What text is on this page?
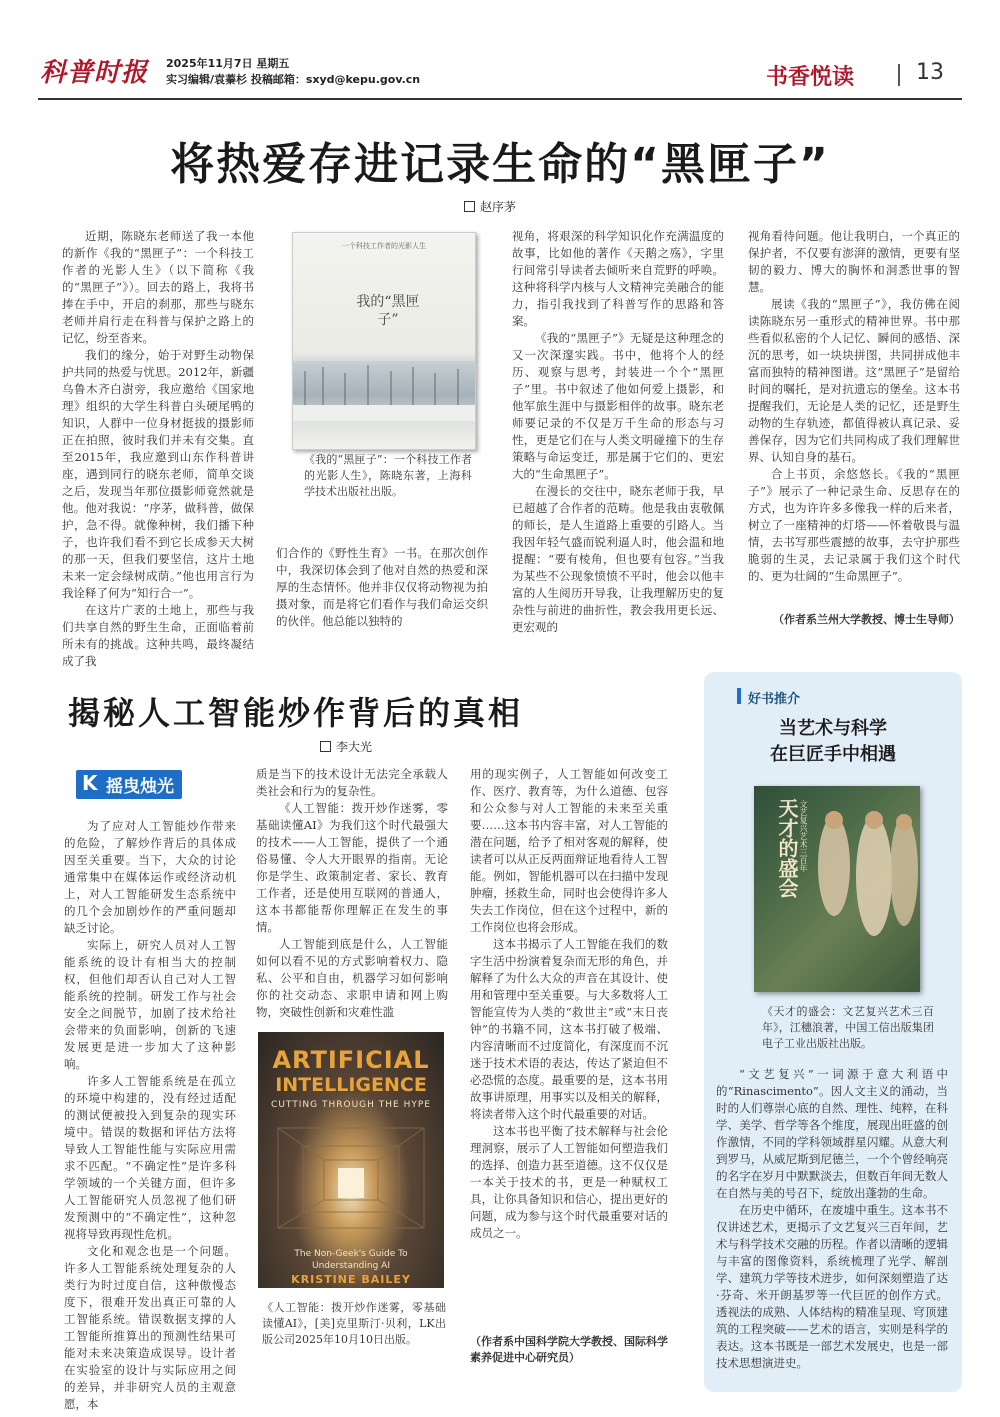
科普时报 2025年11月7日 星期五
实习编辑/袁蓁杉 投稿邮箱：sxyd@kepu.gov.cn	书香悦读	13
将热爱存进记录生命的“黑匣子”
赵序茅

近期，陈晓东老师送了我一本他的新作《我的“黑匣子”：一个科技工作者的光影人生》（以下简称《我的“黑匣子”》）。回去的路上，我将书捧在手中，开启的刹那，那些与晓东老师并肩行走在科普与保护之路上的记忆，纷至沓来。

我们的缘分，始于对野生动物保护共同的热爱与忧思。2012年，新疆乌鲁木齐白澍旁，我应邀给《国家地理》组织的大学生科普白头硬尾鸭的知识，人群中一位身材挺拔的摄影师正在拍照，彼时我们并未有交集。直至2015年，我应邀到山东作科普讲座，遇到同行的晓东老师，简单交谈之后，发现当年那位摄影师竟然就是他。他对我说：“序茅，做科普，做保护，急不得。就像种树，我们播下种子，也许我们看不到它长成参天大树的那一天，但我们要坚信，这片土地未来一定会绿树成荫。”他也用言行为我诠释了何为“知行合一”。

在这片广袤的土地上，那些与我们共享自然的野生生命，正面临着前所未有的挑战。这种共鸣，最终凝结成了我

一个科技工作者的光影人生
我的“黑匣子”
《我的“黑匣子”：一个科技工作者的光影人生》，陈晓东著，上海科学技术出版社出版。

们合作的《野性生育》一书。在那次创作中，我深切体会到了他对自然的热爱和深厚的生态情怀。他并非仅仅将动物视为拍摄对象，而是将它们看作与我们命运交织的伙伴。他总能以独特的

视角，将艰深的科学知识化作充满温度的故事，比如他的著作《天鹅之殇》，字里行间常引导读者去倾听来自荒野的呼唤。这种将科学内核与人文精神完美融合的能力，指引我找到了科普写作的思路和答案。

《我的“黑匣子”》无疑是这种理念的又一次深邃实践。书中，他将个人的经历、观察与思考，封装进一个个“黑匣子”里。书中叙述了他如何爱上摄影，和他军旅生涯中与摄影相伴的故事。晓东老师要记录的不仅是万千生命的形态与习性，更是它们在与人类文明碰撞下的生存策略与命运变迁，那是属于它们的、更宏大的“生命黑匣子”。

在漫长的交往中，晓东老师于我，早已超越了合作者的范畴。他是我由衷敬佩的师长，是人生道路上重要的引路人。当我因年轻气盛而锐利逼人时，他会温和地提醒：“要有棱角，但也要有包容。”当我为某些不公现象愤愤不平时，他会以他丰富的人生阅历开导我，让我理解历史的复杂性与前进的曲折性，教会我用更长远、更宏观的

视角看待问题。他让我明白，一个真正的保护者，不仅要有澎湃的激情，更要有坚韧的毅力、博大的胸怀和洞悉世事的智慧。

展读《我的“黑匣子”》，我仿佛在阅读陈晓东另一重形式的精神世界。书中那些看似私密的个人记忆、瞬间的感悟、深沉的思考，如一块块拼图，共同拼成他丰富而独特的精神图谱。这“黑匣子”是留给时间的嘱托，是对抗遗忘的堡垒。这本书提醒我们，无论是人类的记忆，还是野生动物的生存轨迹，都值得被认真记录、妥善保存，因为它们共同构成了我们理解世界、认知自身的基石。

合上书页，余悠悠长。《我的“黑匣子”》展示了一种记录生命、反思存在的方式，也为许许多多像我一样的后来者，树立了一座精神的灯塔——怀着敬畏与温情，去书写那些震撼的故事，去守护那些脆弱的生灵，去记录属于我们这个时代的、更为壮阔的“生命黑匣子”。

（作者系兰州大学教授、博士生导师）
揭秘人工智能炒作背后的真相
李大光
K 摇曳烛光

为了应对人工智能炒作带来的危险，了解炒作背后的具体成因至关重要。当下，大众的讨论通常集中在媒体运作或经济动机上，对人工智能研发生态系统中的几个会加剧炒作的严重问题却缺乏讨论。

实际上，研究人员对人工智能系统的设计有相当大的控制权，但他们却否认自己对人工智能系统的控制。研发工作与社会安全之间脱节，加剧了技术给社会带来的负面影响，创新的飞速发展更是进一步加大了这种影响。

许多人工智能系统是在孤立的环境中构建的，没有经过适配的测试便被投入到复杂的现实环境中。错误的数据和评估方法将导致人工智能性能与实际应用需求不匹配。“不确定性”是许多科学领域的一个关键方面，但许多人工智能研究人员忽视了他们研发预测中的“不确定性”，这种忽视将导致再现性危机。

文化和观念也是一个问题。许多人工智能系统处理复杂的人类行为时过度自信，这种傲慢态度下，很难开发出真正可靠的人工智能系统。错误数据支撑的人工智能所推算出的预测性结果可能对未来决策造成误导。设计者在实验室的设计与实际应用之间的差异，并非研究人员的主观意愿，本

质是当下的技术设计无法完全承载人类社会和行为的复杂性。

《人工智能：拨开炒作迷雾，零基础读懂AI》为我们这个时代最强大的技术——人工智能，提供了一个通俗易懂、令人大开眼界的指南。无论你是学生、政策制定者、家长、教育工作者，还是使用互联网的普通人，这本书都能帮你理解正在发生的事情。

人工智能到底是什么，人工智能如何以看不见的方式影响着权力、隐私、公平和自由，机器学习如何影响你的社交动态、求职申请和网上购物，突破性创新和灾难性滥

ARTIFICIAL
INTELLIGENCE
CUTTING THROUGH THE HYPE
The Non-Geek's Guide To
Understanding AI
KRISTINE BAILEY
《人工智能：拨开炒作迷雾，零基础读懂AI》，[美]克里斯汀·贝利，LK出版公司2025年10月10日出版。

用的现实例子，人工智能如何改变工作、医疗、教育等，为什么道德、包容和公众参与对人工智能的未来至关重要……这本书内容丰富，对人工智能的潜在问题，给予了相对客观的解释，使读者可以从正反两面辩证地看待人工智能。例如，智能机器可以在扫描中发现肿瘤，拯救生命，同时也会使得许多人失去工作岗位，但在这个过程中，新的工作岗位也将会形成。

这本书揭示了人工智能在我们的数字生活中扮演着复杂而无形的角色，并解释了为什么大众的声音在其设计、使用和管理中至关重要。与大多数将人工智能宣传为人类的“救世主”或“末日丧钟”的书籍不同，这本书打破了极端、内容清晰而不过度简化，有深度而不沉迷于技术术语的表达，传达了紧迫但不必恐慌的态度。最重要的是，这本书用故事讲原理，用事实以及相关的解释，将读者带入这个时代最重要的对话。

这本书也平衡了技术解释与社会伦理洞察，展示了人工智能如何塑造我们的选择、创造力甚至道德。这不仅仅是一本关于技术的书，更是一种赋权工具，让你具备知识和信心，提出更好的问题，成为参与这个时代最重要对话的成员之一。

（作者系中国科学院大学教授、国际科学素养促进中心研究员）
好书推介
当艺术与科学
在巨匠手中相遇
天才的盛会 文艺复兴艺术三百年
《天才的盛会：文艺复兴艺术三百年》，江穗浪著，中国工信出版集团 电子工业出版社出版。

“文艺复兴”一词源于意大利语中的“Rinascimento”。因人文主义的涌动，当时的人们尊崇心底的自然、理性、纯粹，在科学、美学、哲学等各个维度，展现出旺盛的创作激情，不同的学科领域群星闪耀。从意大利到罗马，从威尼斯到尼德兰，一个个曾经响亮的名字在岁月中默默淡去，但数百年间无数人在自然与美的号召下，绽放出蓬勃的生命。

在历史中循环，在废墟中重生。这本书不仅讲述艺术，更揭示了文艺复兴三百年间，艺术与科学技术交融的历程。作者以清晰的逻辑与丰富的图像资料，系统梳理了光学、解剖学、建筑力学等技术进步，如何深刻塑造了达·芬奇、米开朗基罗等一代巨匠的创作方式。透视法的成熟、人体结构的精准呈现、穹顶建筑的工程突破——艺术的语言，实则是科学的表达。这本书既是一部艺术发展史，也是一部技术思想演进史。
